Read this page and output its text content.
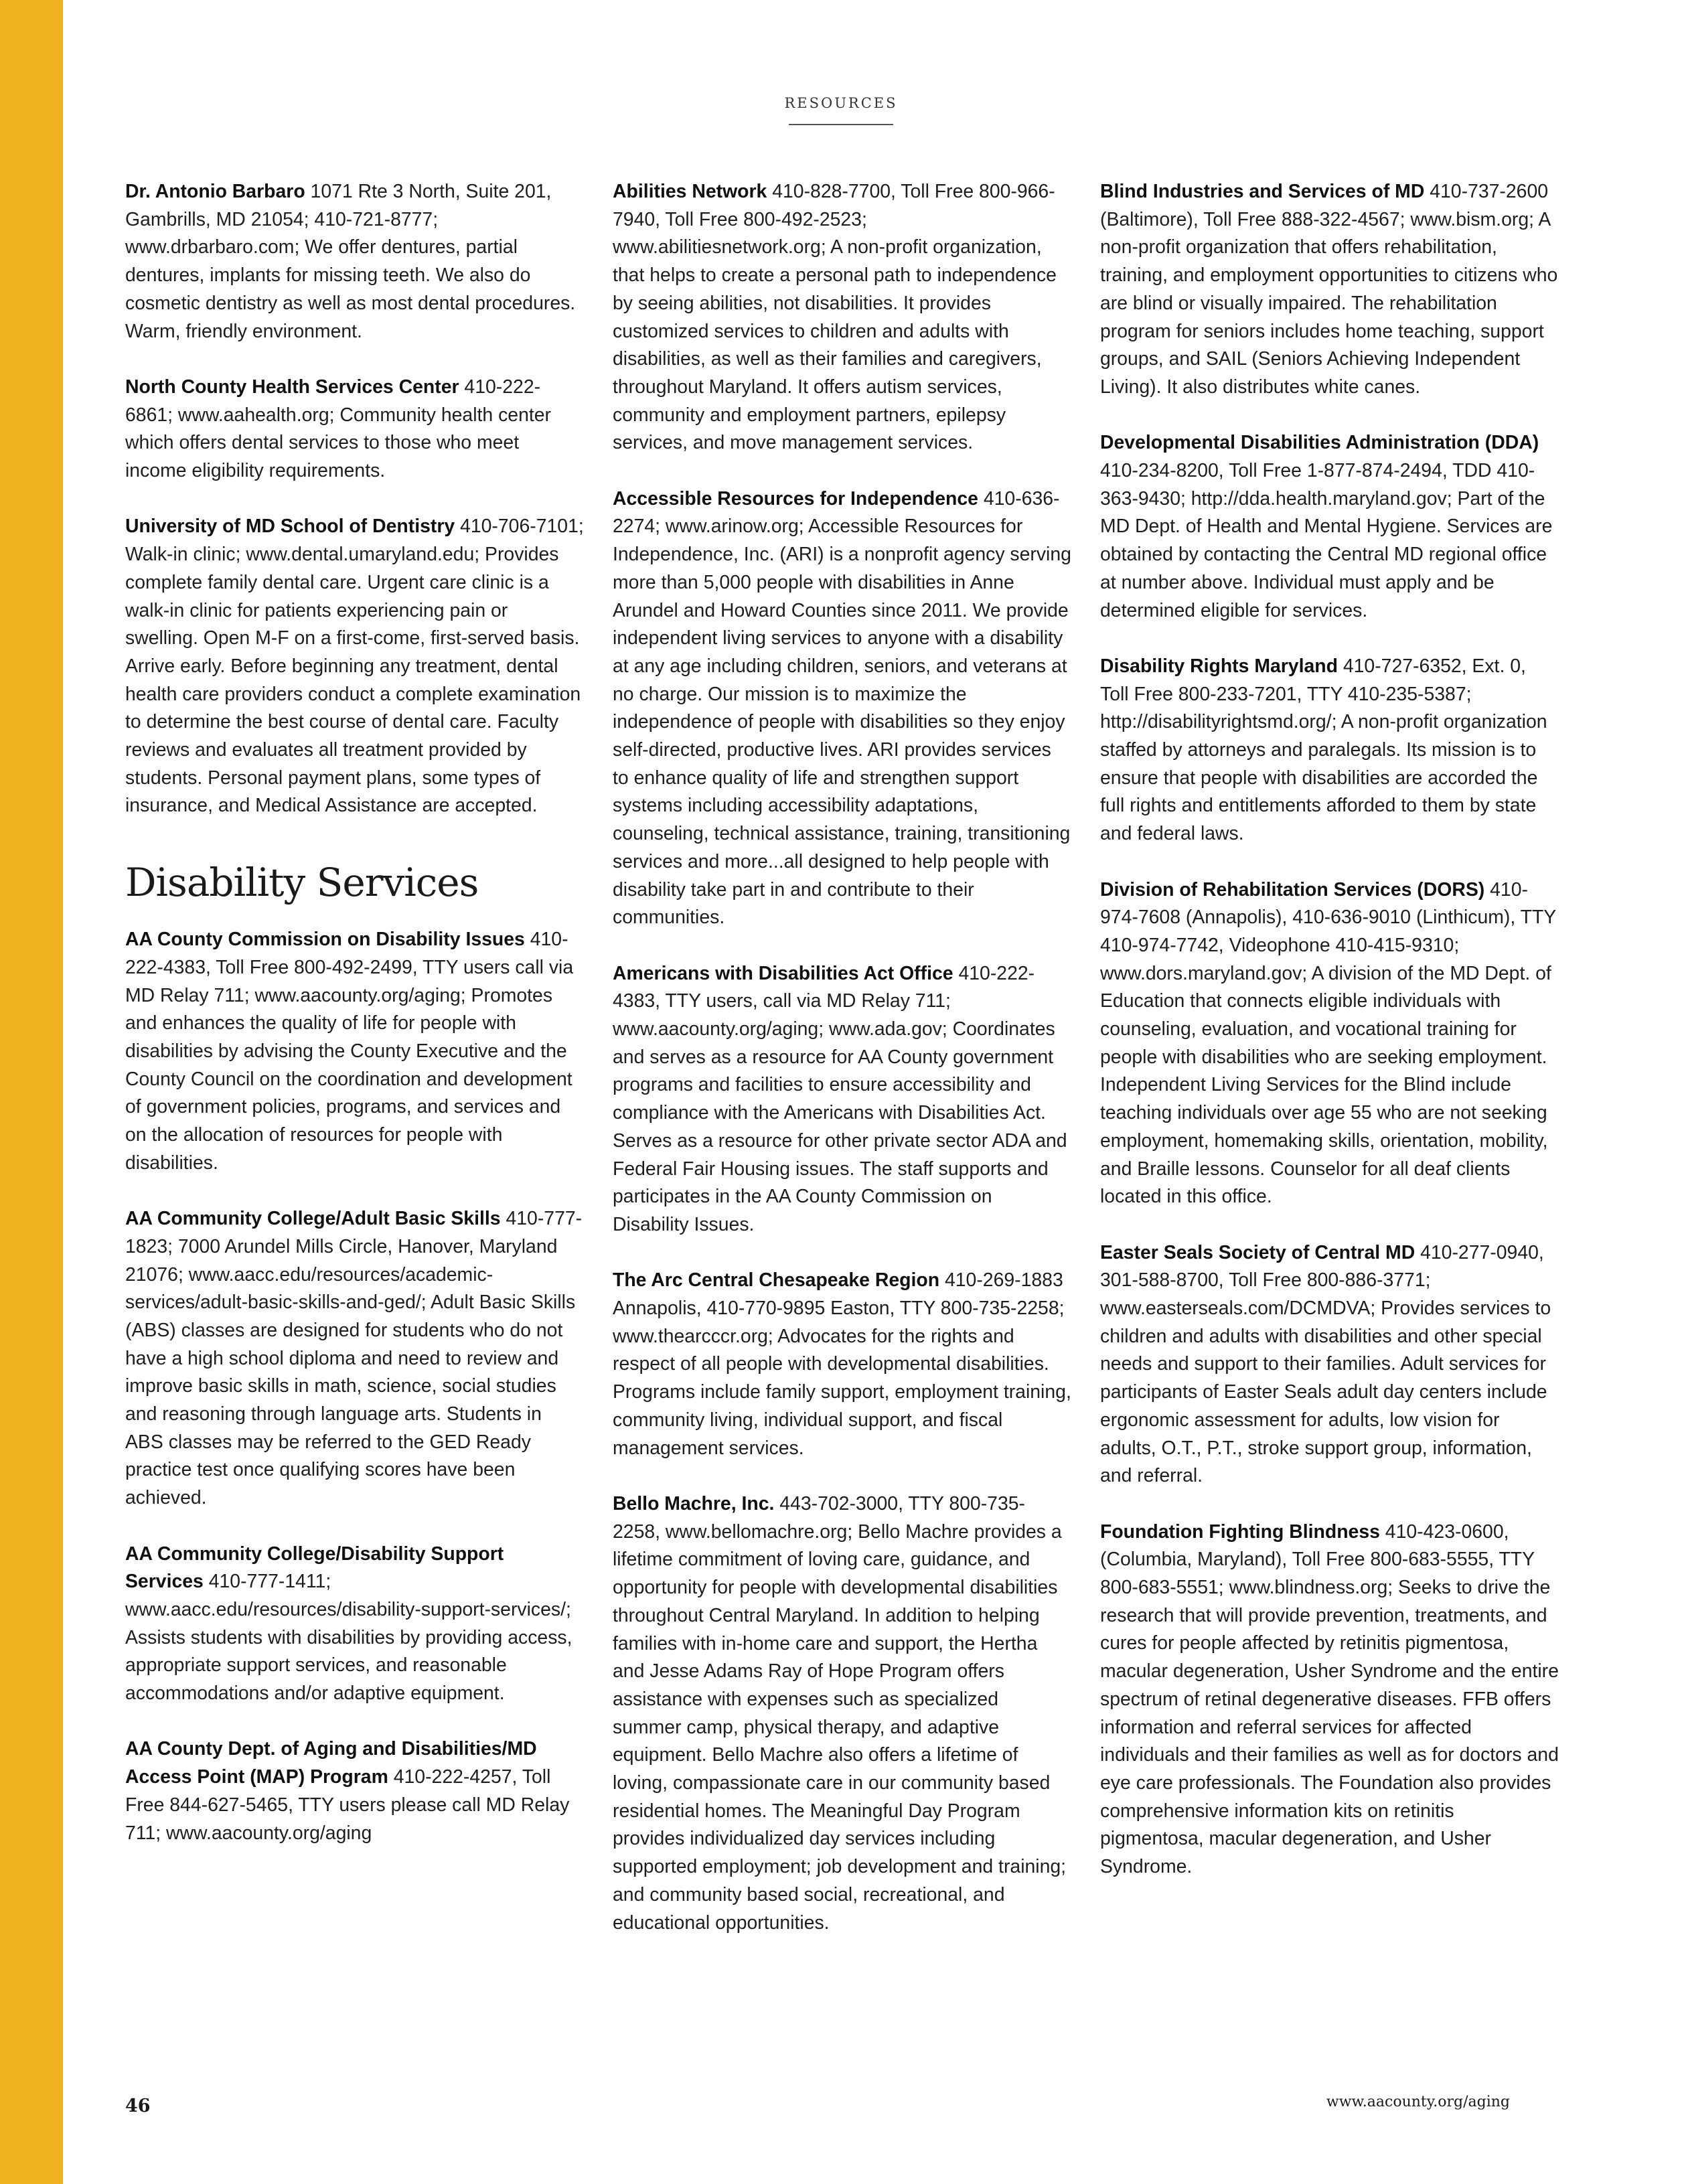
RESOURCES

Dr. Antonio Barbaro 1071 Rte 3 North, Suite 201, Gambrills, MD 21054; 410-721-8777; www.drbarbaro.com; We offer dentures, partial dentures, implants for missing teeth. We also do cosmetic dentistry as well as most dental procedures. Warm, friendly environment.

North County Health Services Center 410-222-6861; www.aahealth.org; Community health center which offers dental services to those who meet income eligibility requirements.

University of MD School of Dentistry 410-706-7101; Walk-in clinic; www.dental.umaryland.edu; Provides complete family dental care. Urgent care clinic is a walk-in clinic for patients experiencing pain or swelling. Open M-F on a first-come, first-served basis. Arrive early. Before beginning any treatment, dental health care providers conduct a complete examination to determine the best course of dental care. Faculty reviews and evaluates all treatment provided by students. Personal payment plans, some types of insurance, and Medical Assistance are accepted.

Disability Services

AA County Commission on Disability Issues 410-222-4383, Toll Free 800-492-2499, TTY users call via MD Relay 711; www.aacounty.org/aging; Promotes and enhances the quality of life for people with disabilities by advising the County Executive and the County Council on the coordination and development of government policies, programs, and services and on the allocation of resources for people with disabilities.

AA Community College/Adult Basic Skills 410-777-1823; 7000 Arundel Mills Circle, Hanover, Maryland 21076; www.aacc.edu/resources/academic-services/adult-basic-skills-and-ged/; Adult Basic Skills (ABS) classes are designed for students who do not have a high school diploma and need to review and improve basic skills in math, science, social studies and reasoning through language arts. Students in ABS classes may be referred to the GED Ready practice test once qualifying scores have been achieved.

AA Community College/Disability Support Services 410-777-1411; www.aacc.edu/resources/disability-support-services/; Assists students with disabilities by providing access, appropriate support services, and reasonable accommodations and/or adaptive equipment.

AA County Dept. of Aging and Disabilities/MD Access Point (MAP) Program 410-222-4257, Toll Free 844-627-5465, TTY users please call MD Relay 711; www.aacounty.org/aging

Abilities Network 410-828-7700, Toll Free 800-966-7940, Toll Free 800-492-2523; www.abilitiesnetwork.org; A non-profit organization, that helps to create a personal path to independence by seeing abilities, not disabilities. It provides customized services to children and adults with disabilities, as well as their families and caregivers, throughout Maryland. It offers autism services, community and employment partners, epilepsy services, and move management services.

Accessible Resources for Independence 410-636-2274; www.arinow.org; Accessible Resources for Independence, Inc. (ARI) is a nonprofit agency serving more than 5,000 people with disabilities in Anne Arundel and Howard Counties since 2011. We provide independent living services to anyone with a disability at any age including children, seniors, and veterans at no charge. Our mission is to maximize the independence of people with disabilities so they enjoy self-directed, productive lives. ARI provides services to enhance quality of life and strengthen support systems including accessibility adaptations, counseling, technical assistance, training, transitioning services and more...all designed to help people with disability take part in and contribute to their communities.

Americans with Disabilities Act Office 410-222-4383, TTY users, call via MD Relay 711; www.aacounty.org/aging; www.ada.gov; Coordinates and serves as a resource for AA County government programs and facilities to ensure accessibility and compliance with the Americans with Disabilities Act. Serves as a resource for other private sector ADA and Federal Fair Housing issues. The staff supports and participates in the AA County Commission on Disability Issues.

The Arc Central Chesapeake Region 410-269-1883 Annapolis, 410-770-9895 Easton, TTY 800-735-2258; www.thearcccr.org; Advocates for the rights and respect of all people with developmental disabilities. Programs include family support, employment training, community living, individual support, and fiscal management services.

Bello Machre, Inc. 443-702-3000, TTY 800-735-2258, www.bellomachre.org; Bello Machre provides a lifetime commitment of loving care, guidance, and opportunity for people with developmental disabilities throughout Central Maryland. In addition to helping families with in-home care and support, the Hertha and Jesse Adams Ray of Hope Program offers assistance with expenses such as specialized summer camp, physical therapy, and adaptive equipment. Bello Machre also offers a lifetime of loving, compassionate care in our community based residential homes. The Meaningful Day Program provides individualized day services including supported employment; job development and training; and community based social, recreational, and educational opportunities.

Blind Industries and Services of MD 410-737-2600 (Baltimore), Toll Free 888-322-4567; www.bism.org; A non-profit organization that offers rehabilitation, training, and employment opportunities to citizens who are blind or visually impaired. The rehabilitation program for seniors includes home teaching, support groups, and SAIL (Seniors Achieving Independent Living). It also distributes white canes.

Developmental Disabilities Administration (DDA) 410-234-8200, Toll Free 1-877-874-2494, TDD 410-363-9430; http://dda.health.maryland.gov; Part of the MD Dept. of Health and Mental Hygiene. Services are obtained by contacting the Central MD regional office at number above. Individual must apply and be determined eligible for services.

Disability Rights Maryland 410-727-6352, Ext. 0, Toll Free 800-233-7201, TTY 410-235-5387; http://disabilityrightsmd.org/; A non-profit organization staffed by attorneys and paralegals. Its mission is to ensure that people with disabilities are accorded the full rights and entitlements afforded to them by state and federal laws.

Division of Rehabilitation Services (DORS) 410-974-7608 (Annapolis), 410-636-9010 (Linthicum), TTY 410-974-7742, Videophone 410-415-9310; www.dors.maryland.gov; A division of the MD Dept. of Education that connects eligible individuals with counseling, evaluation, and vocational training for people with disabilities who are seeking employment. Independent Living Services for the Blind include teaching individuals over age 55 who are not seeking employment, homemaking skills, orientation, mobility, and Braille lessons. Counselor for all deaf clients located in this office.

Easter Seals Society of Central MD 410-277-0940, 301-588-8700, Toll Free 800-886-3771; www.easterseals.com/DCMDVA; Provides services to children and adults with disabilities and other special needs and support to their families. Adult services for participants of Easter Seals adult day centers include ergonomic assessment for adults, low vision for adults, O.T., P.T., stroke support group, information, and referral.

Foundation Fighting Blindness 410-423-0600, (Columbia, Maryland), Toll Free 800-683-5555, TTY 800-683-5551; www.blindness.org; Seeks to drive the research that will provide prevention, treatments, and cures for people affected by retinitis pigmentosa, macular degeneration, Usher Syndrome and the entire spectrum of retinal degenerative diseases. FFB offers information and referral services for affected individuals and their families as well as for doctors and eye care professionals. The Foundation also provides comprehensive information kits on retinitis pigmentosa, macular degeneration, and Usher Syndrome.

46	www.aacounty.org/aging
